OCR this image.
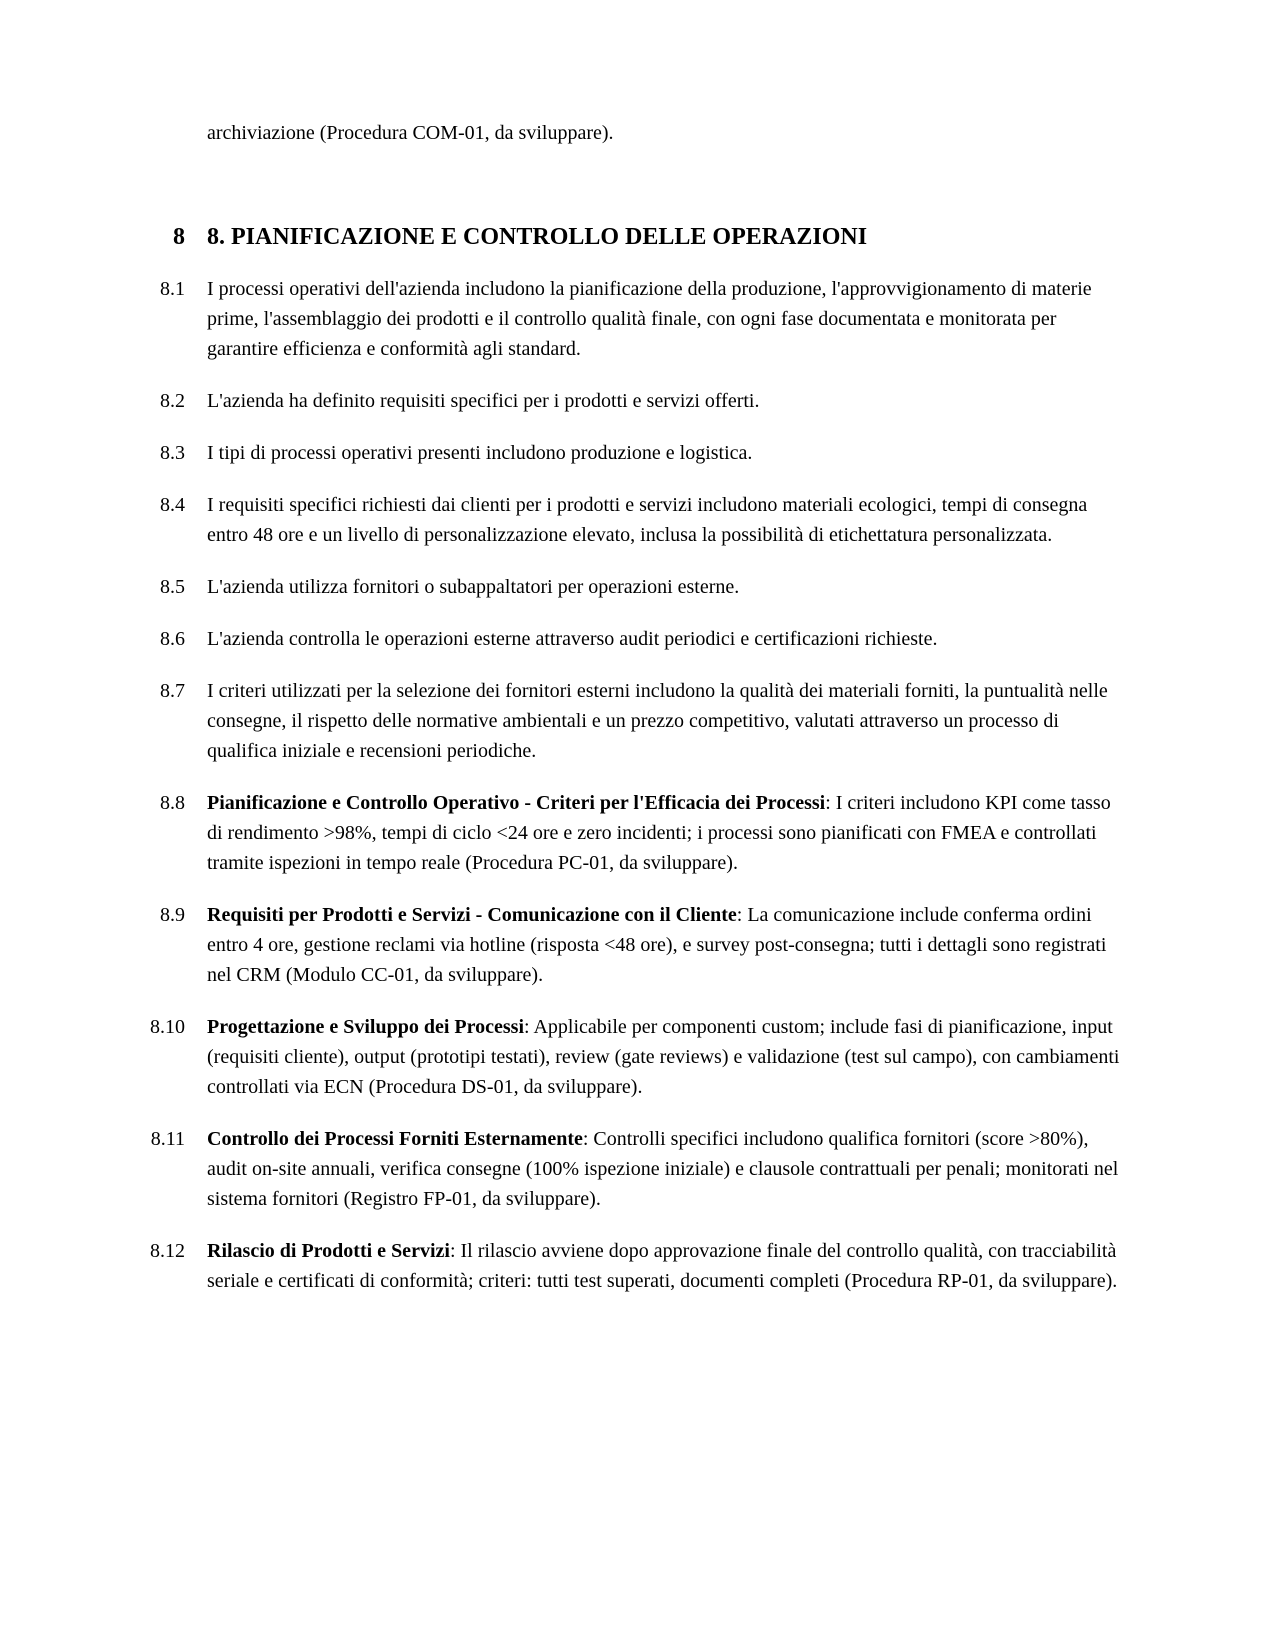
archiviazione (Procedura COM-01, da sviluppare).

8 8. PIANIFICAZIONE E CONTROLLO DELLE OPERAZIONI
8.1 I processi operativi dell'azienda includono la pianificazione della produzione, l'approvvigionamento di materie prime, l'assemblaggio dei prodotti e il controllo qualità finale, con ogni fase documentata e monitorata per garantire efficienza e conformità agli standard.
8.2 L'azienda ha definito requisiti specifici per i prodotti e servizi offerti.
8.3 I tipi di processi operativi presenti includono produzione e logistica.
8.4 I requisiti specifici richiesti dai clienti per i prodotti e servizi includono materiali ecologici, tempi di consegna entro 48 ore e un livello di personalizzazione elevato, inclusa la possibilità di etichettatura personalizzata.
8.5 L'azienda utilizza fornitori o subappaltatori per operazioni esterne.
8.6 L'azienda controlla le operazioni esterne attraverso audit periodici e certificazioni richieste.
8.7 I criteri utilizzati per la selezione dei fornitori esterni includono la qualità dei materiali forniti, la puntualità nelle consegne, il rispetto delle normative ambientali e un prezzo competitivo, valutati attraverso un processo di qualifica iniziale e recensioni periodiche.
8.8 Pianificazione e Controllo Operativo - Criteri per l'Efficacia dei Processi: I criteri includono KPI come tasso di rendimento >98%, tempi di ciclo <24 ore e zero incidenti; i processi sono pianificati con FMEA e controllati tramite ispezioni in tempo reale (Procedura PC-01, da sviluppare).
8.9 Requisiti per Prodotti e Servizi - Comunicazione con il Cliente: La comunicazione include conferma ordini entro 4 ore, gestione reclami via hotline (risposta <48 ore), e survey post-consegna; tutti i dettagli sono registrati nel CRM (Modulo CC-01, da sviluppare).
8.10 Progettazione e Sviluppo dei Processi: Applicabile per componenti custom; include fasi di pianificazione, input (requisiti cliente), output (prototipi testati), review (gate reviews) e validazione (test sul campo), con cambiamenti controllati via ECN (Procedura DS-01, da sviluppare).
8.11 Controllo dei Processi Forniti Esternamente: Controlli specifici includono qualifica fornitori (score >80%), audit on-site annuali, verifica consegne (100% ispezione iniziale) e clausole contrattuali per penali; monitorati nel sistema fornitori (Registro FP-01, da sviluppare).
8.12 Rilascio di Prodotti e Servizi: Il rilascio avviene dopo approvazione finale del controllo qualità, con tracciabilità seriale e certificati di conformità; criteri: tutti test superati, documenti completi (Procedura RP-01, da sviluppare).
